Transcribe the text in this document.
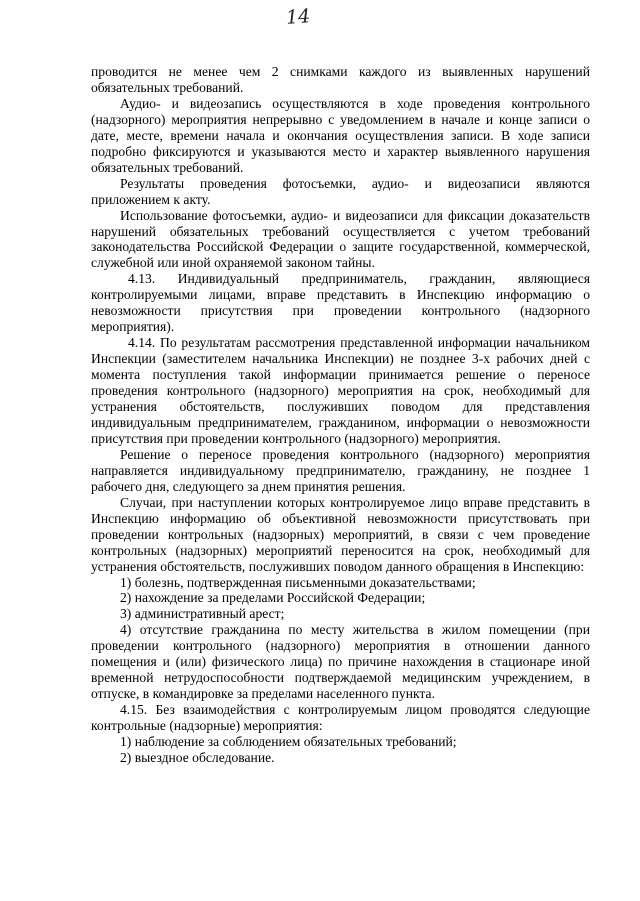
14

проводится не менее чем 2 снимками каждого из выявленных нарушений обязательных требований.

Аудио- и видеозапись осуществляются в ходе проведения контрольного (надзорного) мероприятия непрерывно с уведомлением в начале и конце записи о дате, месте, времени начала и окончания осуществления записи. В ходе записи подробно фиксируются и указываются место и характер выявленного нарушения обязательных требований.

Результаты проведения фотосъемки, аудио- и видеозаписи являются приложением к акту.

Использование фотосъемки, аудио- и видеозаписи для фиксации доказательств нарушений обязательных требований осуществляется с учетом требований законодательства Российской Федерации о защите государственной, коммерческой, служебной или иной охраняемой законом тайны.

4.13. Индивидуальный предприниматель, гражданин, являющиеся контролируемыми лицами, вправе представить в Инспекцию информацию о невозможности присутствия при проведении контрольного (надзорного мероприятия).

4.14. По результатам рассмотрения представленной информации начальником Инспекции (заместителем начальника Инспекции) не позднее 3-х рабочих дней с момента поступления такой информации принимается решение о переносе проведения контрольного (надзорного) мероприятия на срок, необходимый для устранения обстоятельств, послуживших поводом для представления индивидуальным предпринимателем, гражданином, информации о невозможности присутствия при проведении контрольного (надзорного) мероприятия.

Решение о переносе проведения контрольного (надзорного) мероприятия направляется индивидуальному предпринимателю, гражданину, не позднее 1 рабочего дня, следующего за днем принятия решения.

Случаи, при наступлении которых контролируемое лицо вправе представить в Инспекцию информацию об объективной невозможности присутствовать при проведении контрольных (надзорных) мероприятий, в связи с чем проведение контрольных (надзорных) мероприятий переносится на срок, необходимый для устранения обстоятельств, послуживших поводом данного обращения в Инспекцию:

1) болезнь, подтвержденная письменными доказательствами;

2) нахождение за пределами Российской Федерации;

3) административный арест;

4) отсутствие гражданина по месту жительства в жилом помещении (при проведении контрольного (надзорного) мероприятия в отношении данного помещения и (или) физического лица) по причине нахождения в стационаре иной временной нетрудоспособности подтверждаемой медицинским учреждением, в отпуске, в командировке за пределами населенного пункта.

4.15. Без взаимодействия с контролируемым лицом проводятся следующие контрольные (надзорные) мероприятия:

1) наблюдение за соблюдением обязательных требований;

2) выездное обследование.
